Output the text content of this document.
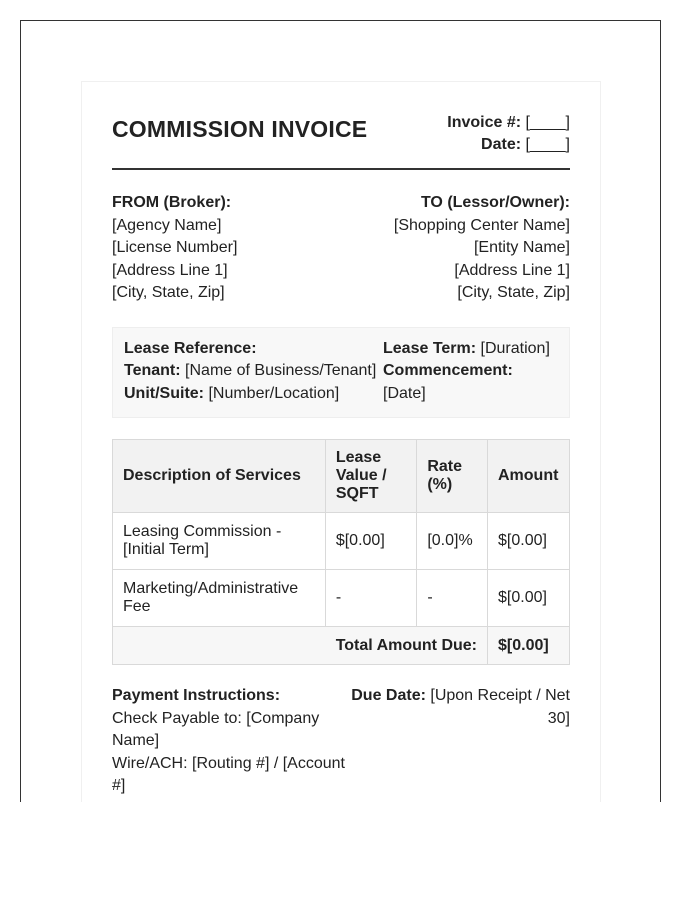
COMMISSION INVOICE	Invoice #: [____]
Date: [____]
FROM (Broker):
[Agency Name]
[License Number]
[Address Line 1]
[City, State, Zip]
TO (Lessor/Owner):
[Shopping Center Name]
[Entity Name]
[Address Line 1]
[City, State, Zip]
Lease Reference:
Tenant: [Name of Business/Tenant]
Unit/Suite: [Number/Location]
Lease Term: [Duration]
Commencement: [Date]
Description of Services	Lease Value / SQFT	Rate (%)	Amount
Leasing Commission - [Initial Term]	$[0.00]	[0.0]%	$[0.00]
Marketing/Administrative Fee	-	-	$[0.00]
Total Amount Due:			$[0.00]
Payment Instructions:
Check Payable to: [Company Name]
Wire/ACH: [Routing #] / [Account #]
Due Date: [Upon Receipt / Net 30]
